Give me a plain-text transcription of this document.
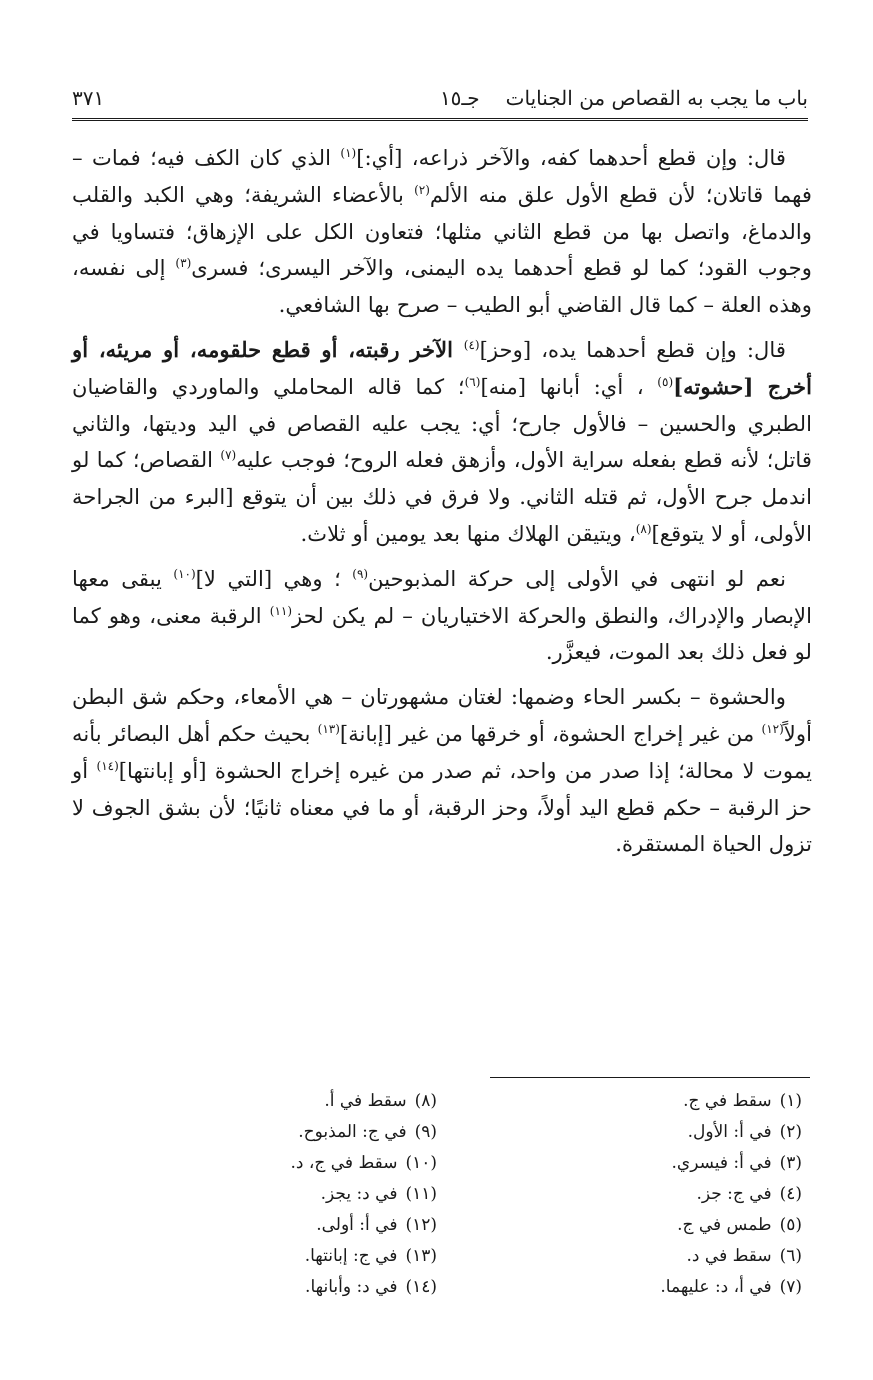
باب ما يجب به القصاص من الجنايات
جـ١٥
٣٧١

قال: وإن قطع أحدهما كفه، والآخر ذراعه، [أي:]$^{(١)}$ الذي كان الكف فيه؛ فمات – فهما قاتلان؛ لأن قطع الأول علق منه الألم$^{(٢)}$ بالأعضاء الشريفة؛ وهي الكبد والقلب والدماغ، واتصل بها من قطع الثاني مثلها؛ فتعاون الكل على الإزهاق؛ فتساويا في وجوب القود؛ كما لو قطع أحدهما يده اليمنى، والآخر اليسرى؛ فسرى$^{(٣)}$ إلى نفسه، وهذه العلة – كما قال القاضي أبو الطيب – صرح بها الشافعي.

قال: وإن قطع أحدهما يده، [وحز]$^{(٤)}$ الآخر رقبته، أو قطع حلقومه، أو مريئه، أو أخرج [حشوته]$^{(٥)}$ ، أي: أبانها [منه]$^{(٦)}$؛ كما قاله المحاملي والماوردي والقاضيان الطبري والحسين – فالأول جارح؛ أي: يجب عليه القصاص في اليد وديتها، والثاني قاتل؛ لأنه قطع بفعله سراية الأول، وأزهق فعله الروح؛ فوجب عليه$^{(٧)}$ القصاص؛ كما لو اندمل جرح الأول، ثم قتله الثاني. ولا فرق في ذلك بين أن يتوقع [البرء من الجراحة الأولى، أو لا يتوقع]$^{(٨)}$، ويتيقن الهلاك منها بعد يومين أو ثلاث.

نعم لو انتهى في الأولى إلى حركة المذبوحين$^{(٩)}$ ؛ وهي [التي لا]$^{(١٠)}$ يبقى معها الإبصار والإدراك، والنطق والحركة الاختياريان – لم يكن لحز$^{(١١)}$ الرقبة معنى، وهو كما لو فعل ذلك بعد الموت، فيعزَّر.

والحشوة – بكسر الحاء وضمها: لغتان مشهورتان – هي الأمعاء، وحكم شق البطن أولاً$^{(١٢)}$ من غير إخراج الحشوة، أو خرقها من غير [إبانة]$^{(١٣)}$ بحيث حكم أهل البصائر بأنه يموت لا محالة؛ إذا صدر من واحد، ثم صدر من غيره إخراج الحشوة [أو إبانتها]$^{(١٤)}$ أو حز الرقبة – حكم قطع اليد أولاً، وحز الرقبة، أو ما في معناه ثانيًا؛ لأن بشق الجوف لا تزول الحياة المستقرة.

(١)سقط في ج.
(٢)في أ: الأول.
(٣)في أ: فيسري.
(٤)في ج: جز.
(٥)طمس في ج.
(٦)سقط في د.
(٧)في أ، د: عليهما.
(٨)سقط في أ.
(٩)في ج: المذبوح.
(١٠)سقط في ج، د.
(١١)في د: يجز.
(١٢)في أ: أولى.
(١٣)في ج: إبانتها.
(١٤)في د: وأبانها.
